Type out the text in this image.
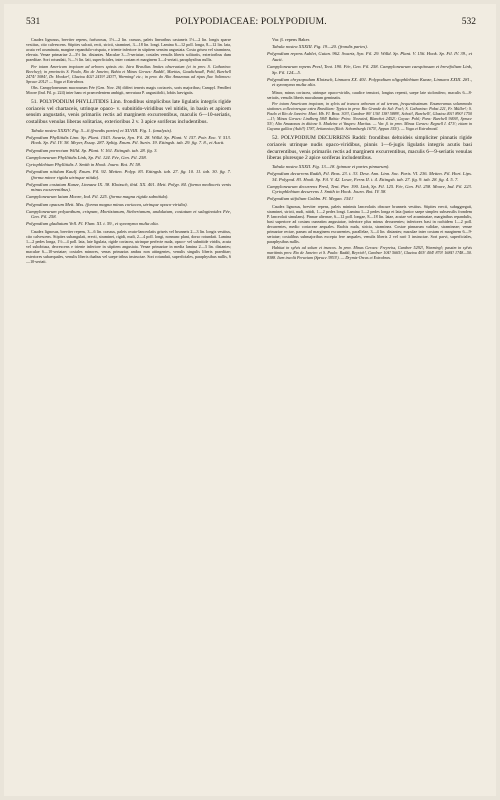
531	POLYPODIACEAE: POLYPODIUM.	532

Caudex lignosus, breviter repens, furfurosus, 1½—2 lin. crassus, paleis linearibus castaneis 1½—2 lin. longis sparse vestitus, cito calvescens. Stipites sulcati, recti, stricti, straminei, 3—18 lin. longi. Lamina 6—12 poll. longa, 8—12 lin. lata, acuta vel acuminata, margine repandulo-crispata, e triente inferiore in stipitem sensim angustata. Costa grisea vel straminea, elevata. Venae primariae 2—3½ lin. distantes. Maculae 3—5-seriatae, costales venulis liberis solitariis, exterioribus dum praeditae. Sori rotundati, ⅓—½ lin. lati, superficiales, inter costam et marginem 3—4-seriati, paraphysibus nullis.

Per totam Americam tropicam ad arbores spissis etc. Istra Brasilias limites observatum (et in prov. S. Catharina: Beechey); in provinciis S. Paulo, Rio de Janeiro, Bahia et Minas Geraes: Raddi!, Martius, Gaudichaud!, Pohl, Burchell 2474! 3084!, Dr. Hooker!, Glaziou 402! 2419! 2437!, Warming! etc.; in prov. do Alto Amazonas ad ripas fluv. Solimoes: Spruce 2012! — Vaga et Extrabras.

Obs. Campyloneurum macrourum Fée (Gen. Nov. 26) differt teneris magis coriaceis, soris majoribus; Campyl. Fendleri Moore (Ind. Fil. p. 224) inter hanc et praecedentem ambigit, nervatura P. angustifolii, lobiis laevigatis.

51. POLYPODIUM PHYLLITIDIS Linn. frondibus simplicibus late ligulatis integris rigide coriaceis vel chartaceis, utrinque opaco- v. subnitido-viridibus vel nitidis, in basin et apicem sensim angustatis, venis primariis rectis ad marginem excurrentibus, maculis 6—10-seriatis, costalibus venulas liberas solitarias, exterioribus 2 v. 3 apice soriferas includentibus.

Tabula nostra XXXIV. Fig. 5—6 (frondis partes) et XLVIII. Fig. 1. (analysis).

Polypodium Phyllitidis Linn. Sp. Plant. 1543. Swartz, Syn. Fil. 28. Willd. Sp. Plant. V. 157. Poir. Enc. V. 513. Hook. Sp. Fil. IV. 38. Meyer, Essay. 287. Splitg. Enum. Fil. Surin. 19. Ettingsh. tab. 29. fig. 7. 8., et Auctt.

Polypodium porrectum Willd. Sp. Plant. V. 161. Ettingsh. tab. 28. fig. 3.

Campyloneurum Phyllitidis Link, Sp. Fil. 124. Fée, Gen. Fil. 258.

Cyrtophlebium Phyllitidis J. Smith in Hook. Journ. Bot. IV. 58.

Polypodium nitidum Kaulf. Enum. Fil. 92. Metten. Polyp. 83. Ettingsh. tab. 27. fig. 10. 11. tab. 30. fig. 7. (forma minor rigida utrinque nitida).

Polypodium costatum Kunze, Linnaea IX. 38. Klotzsch, ibid. XX. 401. Mett. Polyp. 84. (forma mediocris venis minus excurrentibus).

Campyloneurum latum Moore, Ind. Fil. 225. (forma magna rigida subnitida).

Polypodium opacum Mett. Mss. (forma magna minus coriacea, utrinque opaco-viridia).

Campyloneurum polyanthum, crispum, Moritzianum, Sieberianum, undulatum, costatum et salaginoides Fée, Gen. Fil. 258.

Polypodium gladiatum Vell. Fl. Flum. XI. t. 59., et synonyma multa alia.

Caudex lignosus, breviter repens, 3—6 lin. crassus, paleis ovato-lanceolatis griseis vel brunneis 2—3 lin. longis vestitus, cito calvescens. Stipites subangulati, erecti, straminei, rigidi, nudi, 2—4 poll. longi, nonnunc plani, dorso rotundati. Lamina 1—2 pedes longa, 1½—4 poll. lata, late ligulata, rigide coriacea, utrinque perfecte nuda, opaco- vel subnitide viridis, acuta vel subobtusa, decrescens e triente inferiore in stipitem angustata. Venae primariae in media lamina 2—3 lin. distantes; maculae 6—10-seriatae; costales minores, venas primarias ambas non attingentes, venulis singulis liberis praeditae; exteriores subaequales, venulis liberis duabus vel saepe tribus instructae. Sori rotundati, superficiales, paraphysibus nullis, 6—10-seriati.

Var. β. repens Baker.

Tabula nostra XXXIII. Fig. 19—20. (frondis partes).

Polypodium repens Aublet, Guian. 962. Swartz, Syn. Fil. 29. Willd. Sp. Plant. V. 156. Hook. Sp. Fil. IV. 39., et Auctt.

Campyloneurum repens Presl, Tent. 190. Fée, Gen. Fil. 258. Campyloneurum caespitosum et brevifolium Link, Sp. Fil. 124—5.

Polypodium chrysopodum Klotzsch, Linnaea XX. 401. Polypodium oligophlebium Kunze, Linnaea XXIII. 281., et synonyma multa alia.

Minor, minus coriacea, utrinque opaco-viridis, caudice tenuiori, longius repenti, saepe late stolonifero, maculis 6—8-seriatis, venulis liberis macularum geminatis.

Per totam Americam tropicam, in sylvis ad truncos arborum et ad terram, frequentissimum. Enumeramus solummodo stationes collectoresque extra Brasiliam: Typica in prov. Rio Grande do Sul: Fox!; S. Catharina: Pabst 221, Fr. Müller!; S. Paulo et Rio de Janeiro: Mart. Hb. Fl. Bras. 303!, Gardner 80! 136! 138! 5889!, Schott!, Burchell!, Glaziou 401! 890! 1750—1!; Minas Geraes: Lindberg 584! Bahia: Princ. Neuwied, Blanchet 2452!; Goyaz: Pohl; Para: Burchell 9400!, Spruce 53!; Alto Amazonas in ditione S. Madeira et Vaupes: Martius. — Var. β. in prov. Minas Geraes: Regnell I. 471!; etiam in Guyana gallica (Aubl!) 1787, britannica (Rich. Schomburgk 1675!, Appun 155!). — Vaga et Extrabrasil.

52. POLYPODIUM DECURRENS Raddi: frondibus deltoideis simpliciter pinnatis rigide coriaceis utrinque nudis opaco-viridibus, pinnis 1—6-jugis ligulatis integris acutis basi decurrentibus, venis primariis rectis ad marginem excurrentibus, maculis 6—9-seriatis venulas liberas pluresque 2 apice soriferas includentibus.

Tabula nostra XXXII. Fig. 13—18. (pinnae et partes pinnarum).

Polypodium decurrens Raddi, Fil. Bras. 23. t. 33. Desv. Ann. Linn. Soc. Paris. VI. 236. Metten. Fil. Hort. Lips. 34. Polypod. 83. Hook. Sp. Fil. V. 42. Lowe, Ferns II. t. 4. Ettingsh. tab. 27. fig. 9. tab. 28. fig. 4. 5. 7.

Campyloneurum decurrens Presl, Tent. Pter. 190. Link, Sp. Fil. 125. Fée, Gen. Fil. 258. Moore, Ind. Fil. 223. Cyrtophlebium decurrens J. Smith in Hook. Journ. Bot. IV. 58.

Polypodium sitfolium Goldm. Fl. Megan. 154.!

Caudex lignosus, breviter repens, paleis minimis lanceolatis obscure brunneis vestitus. Stipites erecti, subaggregati, straminei, stricti, nudi, nitidi, 1—2 pedes longi. Lamina 1—2 pedes longa et lata (junior saepe simplex subsessilis frondem P. lanceolati simulans). Pinnae alternae, 6—12 poll. longae, 8—18 lin. latae, acutae vel acuminatae, marginibus repandulis, basi superiore ad costam cuneatim angustatae, inferiore plus minus decurrentes; inferiores basi in rachidem 1—2 poll. decurrentes, medio coriaceae aequales. Rachis nuda, stricta, straminea. Costae pinnarum validae, stramineae; venae primariae rectae, parum ad marginem excurrentes, parallelae, 3—4 lin. distantes; maculae inter costam et marginem 6—9-seriatae; costalibus submajoribus excepta fere aequales, venulis liberis 2 vel rarò 3 instructae. Sori parvi, superficiales, paraphysibus nullis.

Habitat in sylvis ad solum et truncos. In prov. Minas Geraes: Freyreiss, Gardner 5292!, Warming!; passim in sylvis maritimis prov. Rio de Janeiro et S. Paulo: Raddi, Beyrich!, Gardner 104! 5665!, Glaziou 403! 404! 870! 1684! 1748—50. 8388. Item incolit Peruviam (Spruce 3953!). — Drymis-Orcas et Extrabras.
